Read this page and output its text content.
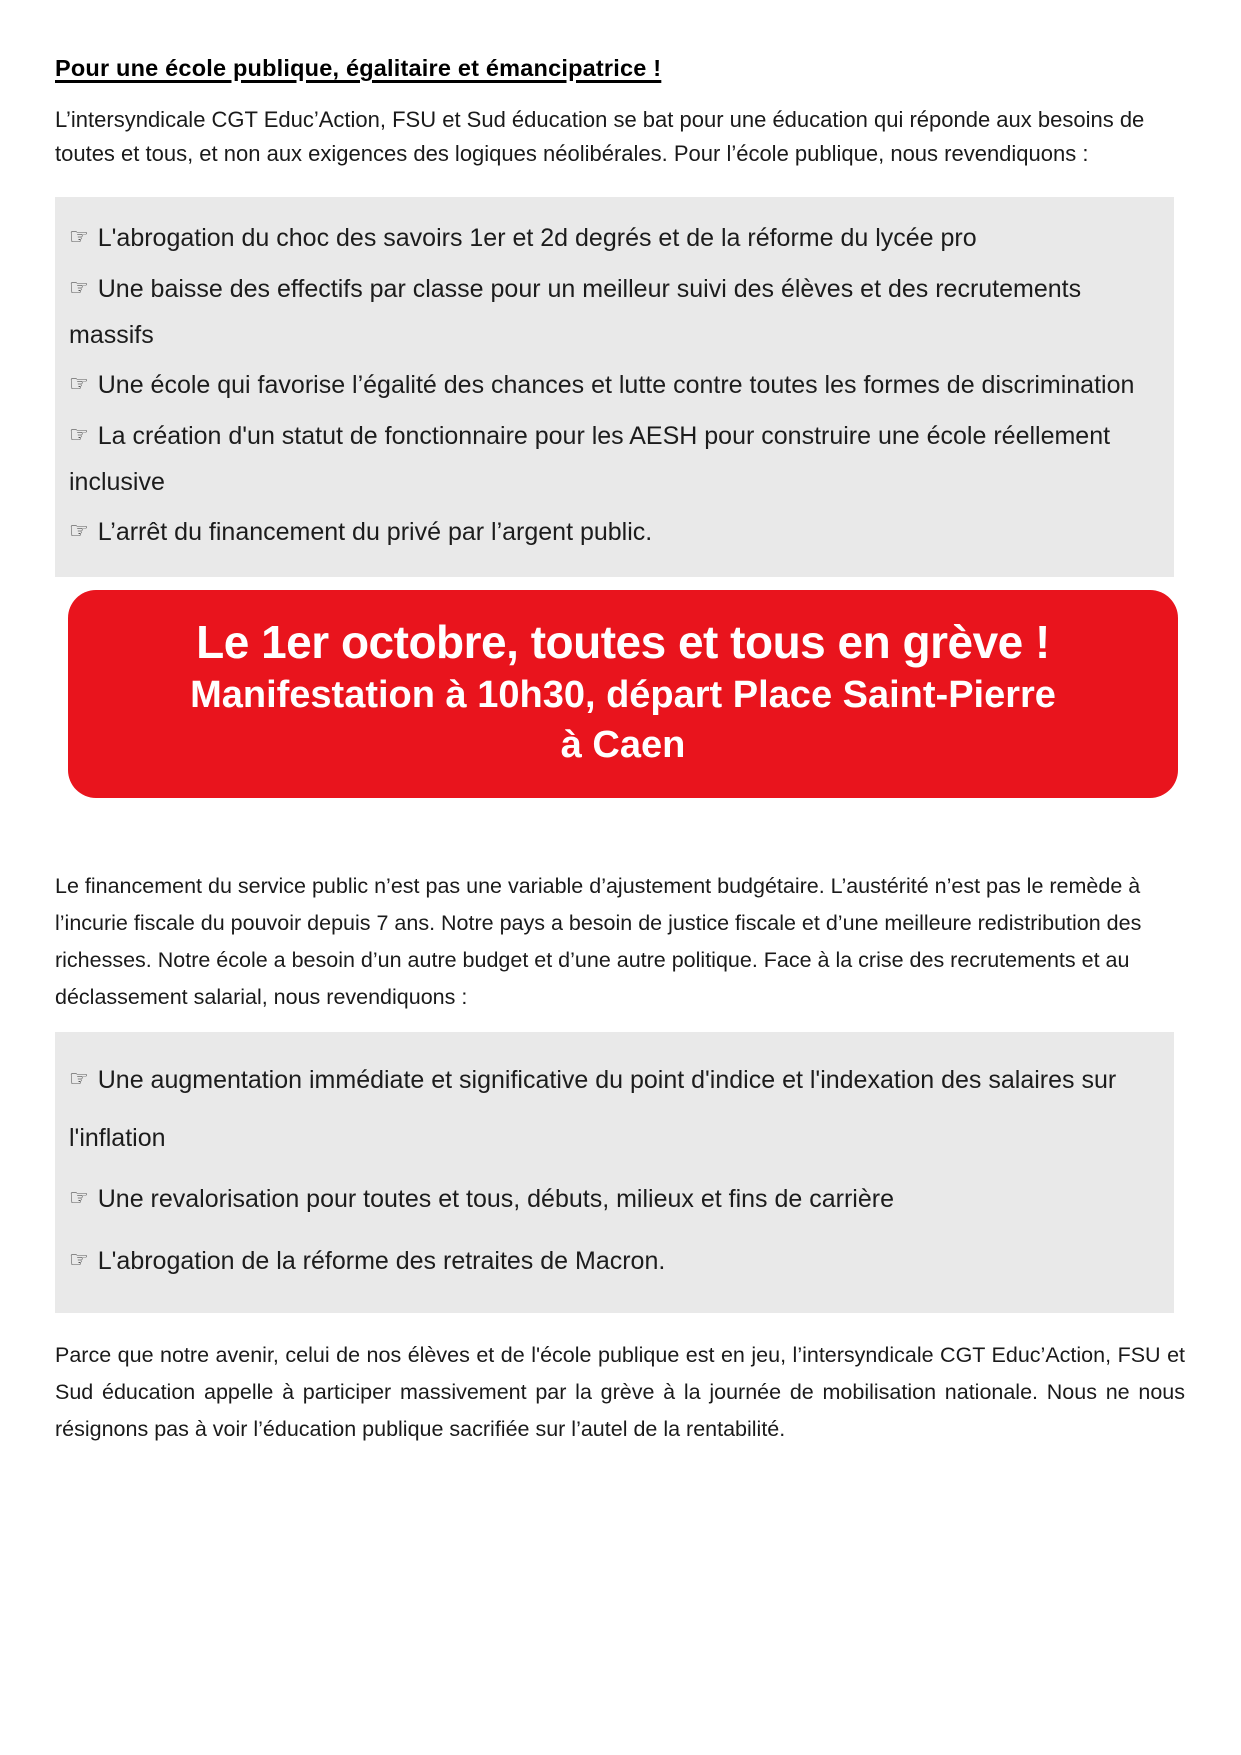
Pour une école publique, égalitaire et émancipatrice !

L’intersyndicale CGT Educ’Action, FSU et Sud éducation se bat pour une éducation qui réponde aux besoins de toutes et tous, et non aux exigences des logiques néolibérales. Pour l’école publique, nous revendiquons :

☞ L'abrogation du choc des savoirs 1er et 2d degrés et de la réforme du lycée pro
☞ Une baisse des effectifs par classe pour un meilleur suivi des élèves et des recrutements massifs
☞ Une école qui favorise l’égalité des chances et lutte contre toutes les formes de discrimination
☞ La création d'un statut de fonctionnaire pour les AESH pour construire une école réellement inclusive
☞ L’arrêt du financement du privé par l’argent public.
Le 1er octobre, toutes et tous en grève !
Manifestation à 10h30, départ Place Saint-Pierre
à Caen

Le financement du service public n’est pas une variable d’ajustement budgétaire. L’austérité n’est pas le remède à l’incurie fiscale du pouvoir depuis 7 ans. Notre pays a besoin de justice fiscale et d’une meilleure redistribution des richesses. Notre école a besoin d’un autre budget et d’une autre politique. Face à la crise des recrutements et au déclassement salarial, nous revendiquons :

☞ Une augmentation immédiate et significative du point d'indice et l'indexation des salaires sur l'inflation
☞ Une revalorisation pour toutes et tous, débuts, milieux et fins de carrière
☞ L'abrogation de la réforme des retraites de Macron.

Parce que notre avenir, celui de nos élèves et de l'école publique est en jeu, l’intersyndicale CGT Educ’Action, FSU et Sud éducation appelle à participer massivement par la grève à la journée de mobilisation nationale. Nous ne nous résignons pas à voir l’éducation publique sacrifiée sur l’autel de la rentabilité.
